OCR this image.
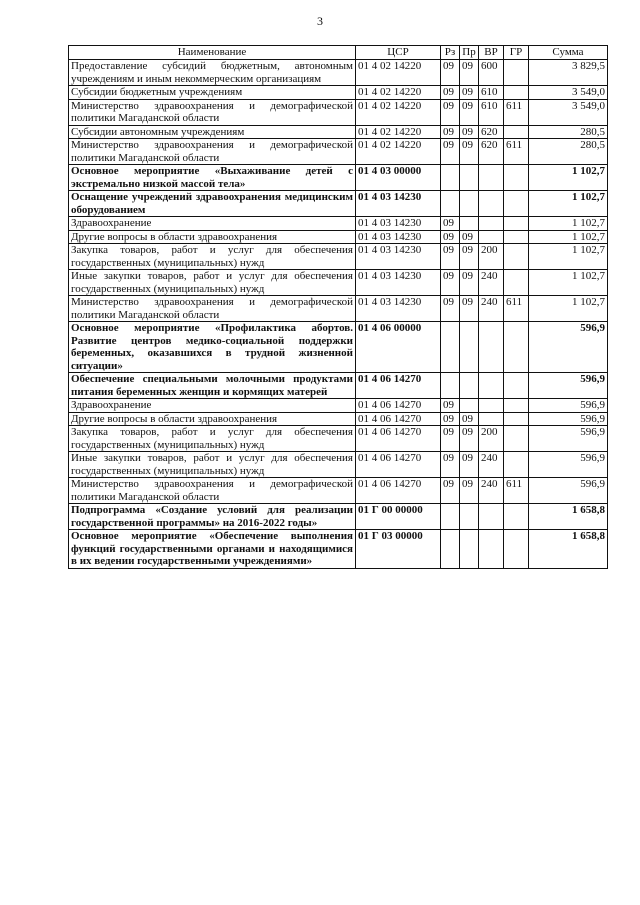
3
Наименование	ЦСР	Рз	Пр	ВР	ГР	Сумма
Предоставление субсидий бюджетным, автономным учреждениям и иным некоммерческим организациям	01 4 02 14220	09	09	600		3 829,5
Субсидии бюджетным учреждениям	01 4 02 14220	09	09	610		3 549,0
Министерство здравоохранения и демографической политики Магаданской области	01 4 02 14220	09	09	610	611	3 549,0
Субсидии автономным учреждениям	01 4 02 14220	09	09	620		280,5
Министерство здравоохранения и демографической политики Магаданской области	01 4 02 14220	09	09	620	611	280,5
Основное мероприятие «Выхаживание детей с экстремально низкой массой тела»	01 4 03 00000					1 102,7
Оснащение учреждений здравоохранения медицинским оборудованием	01 4 03 14230					1 102,7
Здравоохранение	01 4 03 14230	09				1 102,7
Другие вопросы в области здравоохранения	01 4 03 14230	09	09			1 102,7
Закупка товаров, работ и услуг для обеспечения государственных (муниципальных) нужд	01 4 03 14230	09	09	200		1 102,7
Иные закупки товаров, работ и услуг для обеспечения государственных (муниципальных) нужд	01 4 03 14230	09	09	240		1 102,7
Министерство здравоохранения и демографической политики Магаданской области	01 4 03 14230	09	09	240	611	1 102,7
Основное мероприятие «Профилактика абортов. Развитие центров медико-социальной поддержки беременных, оказавшихся в трудной жизненной ситуации»	01 4 06 00000					596,9
Обеспечение специальными молочными продуктами питания беременных женщин и кормящих матерей	01 4 06 14270					596,9
Здравоохранение	01 4 06 14270	09				596,9
Другие вопросы в области здравоохранения	01 4 06 14270	09	09			596,9
Закупка товаров, работ и услуг для обеспечения государственных (муниципальных) нужд	01 4 06 14270	09	09	200		596,9
Иные закупки товаров, работ и услуг для обеспечения государственных (муниципальных) нужд	01 4 06 14270	09	09	240		596,9
Министерство здравоохранения и демографической политики Магаданской области	01 4 06 14270	09	09	240	611	596,9
Подпрограмма «Создание условий для реализации государственной программы» на 2016-2022 годы»	01 Г 00 00000					1 658,8
Основное мероприятие «Обеспечение выполнения функций государственными органами и находящимися в их ведении государственными учреждениями»	01 Г 03 00000					1 658,8
